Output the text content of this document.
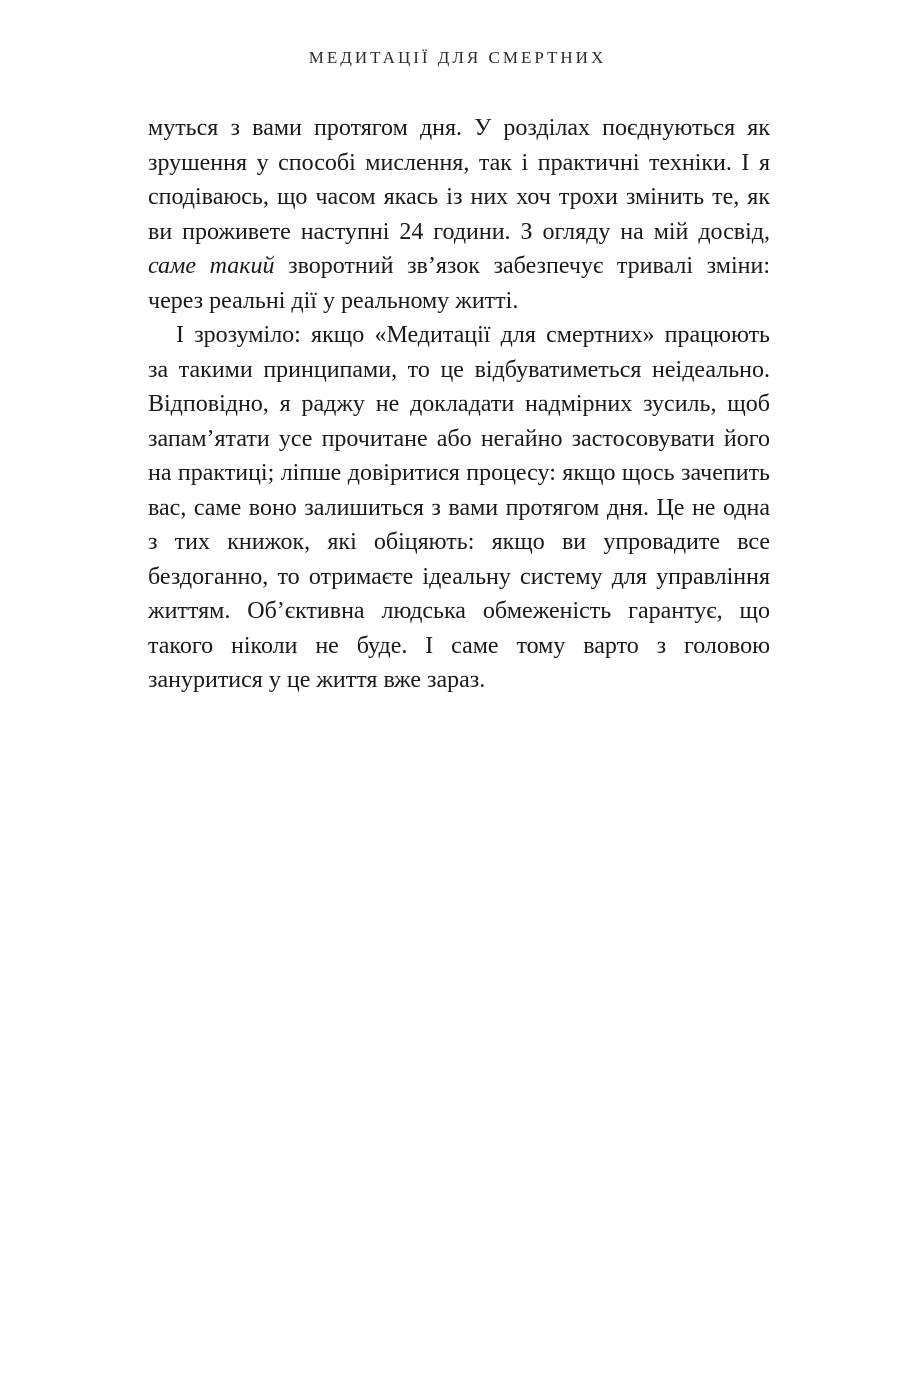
МЕДИТАЦІЇ ДЛЯ СМЕРТНИХ

муться з вами протягом дня. У розділах поєднуються як зрушення у способі мислення, так і практичні техніки. І я сподіваюсь, що часом якась із них хоч трохи змінить те, як ви проживете наступні 24 години. З огляду на мій досвід, саме такий зворотний зв’язок забезпечує тривалі зміни: через реальні дії у реальному житті.

І зрозуміло: якщо «Медитації для смертних» працюють за такими принципами, то це відбуватиметься неідеально. Відповідно, я раджу не докладати надмірних зусиль, щоб запам’ятати усе прочитане або негайно застосовувати його на практиці; ліпше довіритися процесу: якщо щось зачепить вас, саме воно залишиться з вами протягом дня. Це не одна з тих книжок, які обіцяють: якщо ви упровадите все бездоганно, то отримаєте ідеальну систему для управління життям. Об’єктивна людська обмеженість гарантує, що такого ніколи не буде. І саме тому варто з головою зануритися у це життя вже зараз.
